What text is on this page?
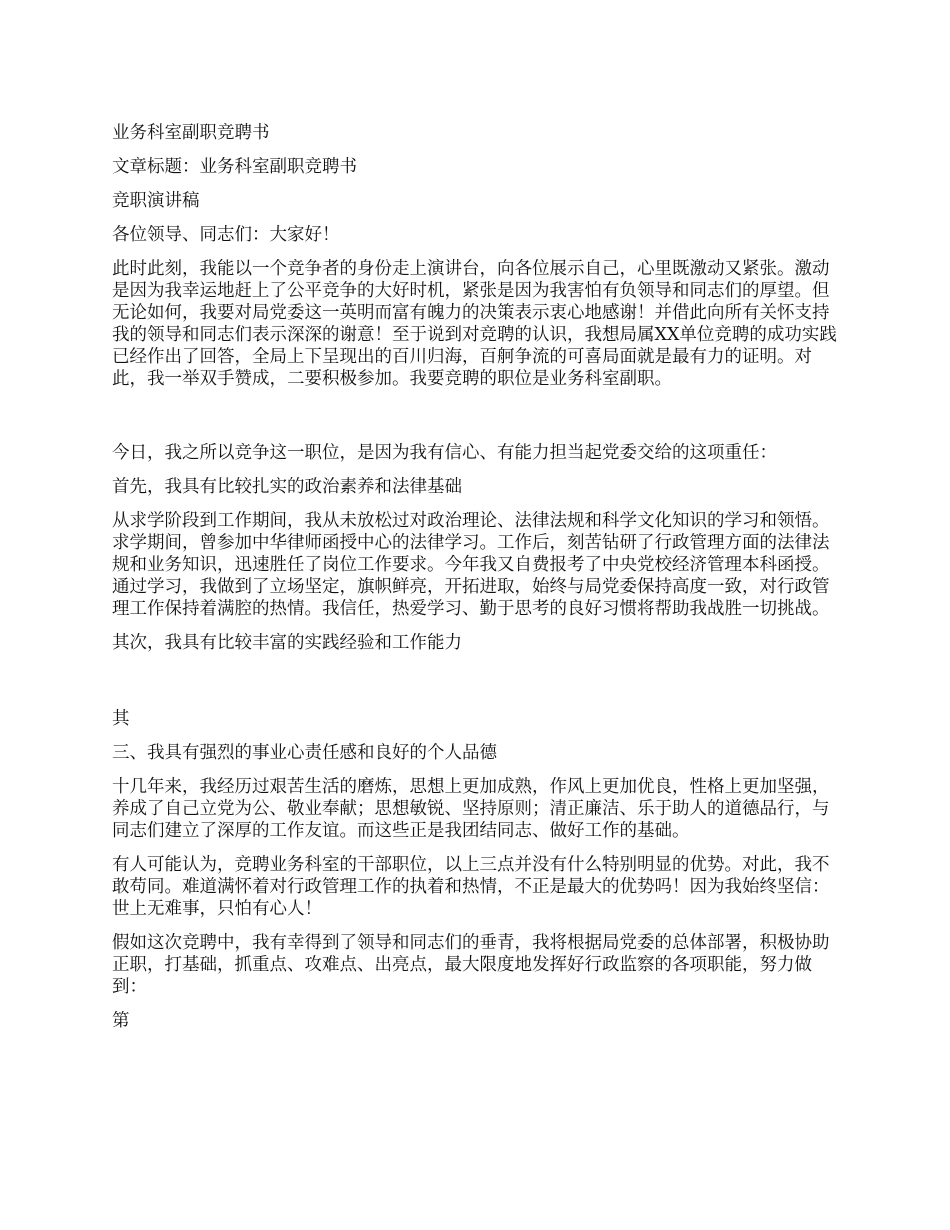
业务科室副职竞聘书

文章标题：业务科室副职竞聘书

竞职演讲稿

各位领导、同志们：大家好！

此时此刻，我能以一个竞争者的身份走上演讲台，向各位展示自己，心里既激动又紧张。激动是因为我幸运地赶上了公平竞争的大好时机，紧张是因为我害怕有负领导和同志们的厚望。但无论如何，我要对局党委这一英明而富有魄力的决策表示衷心地感谢！并借此向所有关怀支持我的领导和同志们表示深深的谢意！至于说到对竞聘的认识，我想局属XX单位竞聘的成功实践已经作出了回答，全局上下呈现出的百川归海，百舸争流的可喜局面就是最有力的证明。对此，我一举双手赞成，二要积极参加。我要竞聘的职位是业务科室副职。

今日，我之所以竞争这一职位，是因为我有信心、有能力担当起党委交给的这项重任：

首先，我具有比较扎实的政治素养和法律基础

从求学阶段到工作期间，我从未放松过对政治理论、法律法规和科学文化知识的学习和领悟。求学期间，曾参加中华律师函授中心的法律学习。工作后，刻苦钻研了行政管理方面的法律法规和业务知识，迅速胜任了岗位工作要求。今年我又自费报考了中央党校经济管理本科函授。通过学习，我做到了立场坚定，旗帜鲜亮，开拓进取，始终与局党委保持高度一致，对行政管理工作保持着满腔的热情。我信任，热爱学习、勤于思考的良好习惯将帮助我战胜一切挑战。

其次，我具有比较丰富的实践经验和工作能力

其

三、我具有强烈的事业心责任感和良好的个人品德

十几年来，我经历过艰苦生活的磨炼，思想上更加成熟，作风上更加优良，性格上更加坚强，养成了自己立党为公、敬业奉献；思想敏锐、坚持原则；清正廉洁、乐于助人的道德品行，与同志们建立了深厚的工作友谊。而这些正是我团结同志、做好工作的基础。

有人可能认为，竞聘业务科室的干部职位，以上三点并没有什么特别明显的优势。对此，我不敢苟同。难道满怀着对行政管理工作的执着和热情，不正是最大的优势吗！因为我始终坚信：世上无难事，只怕有心人！

假如这次竞聘中，我有幸得到了领导和同志们的垂青，我将根据局党委的总体部署，积极协助正职，打基础，抓重点、攻难点、出亮点，最大限度地发挥好行政监察的各项职能，努力做到：

第
